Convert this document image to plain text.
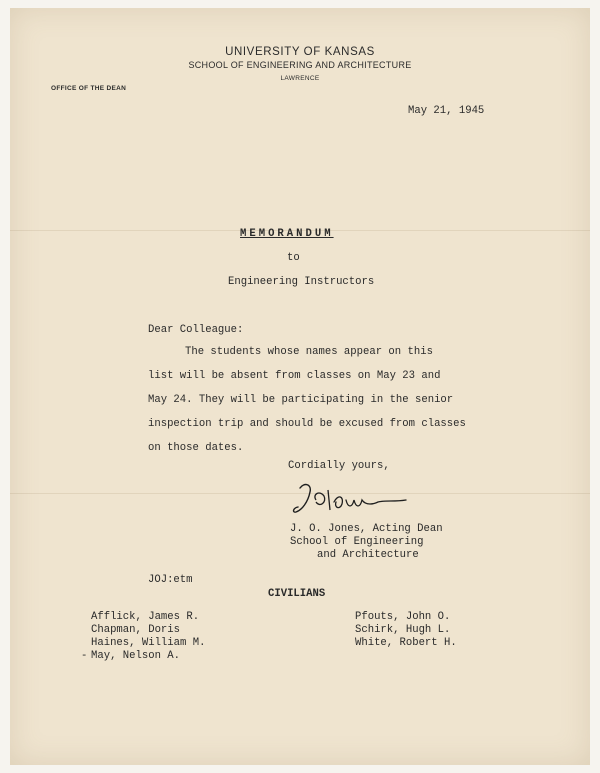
UNIVERSITY OF KANSAS
SCHOOL OF ENGINEERING AND ARCHITECTURE
LAWRENCE
OFFICE OF THE DEAN
May 21, 1945
MEMORANDUM
to
Engineering Instructors
Dear Colleague:
The students whose names appear on this
list will be absent from classes on May 23 and
May 24. They will be participating in the senior
inspection trip and should be excused from classes
on those dates.
Cordially yours,
J. O. Jones, Acting Dean
School of Engineering
and Architecture
JOJ:etm
CIVILIANS
Afflick, James R.
Chapman, Doris
Haines, William M.
- May, Nelson A.
Pfouts, John O.
Schirk, Hugh L.
White, Robert H.
